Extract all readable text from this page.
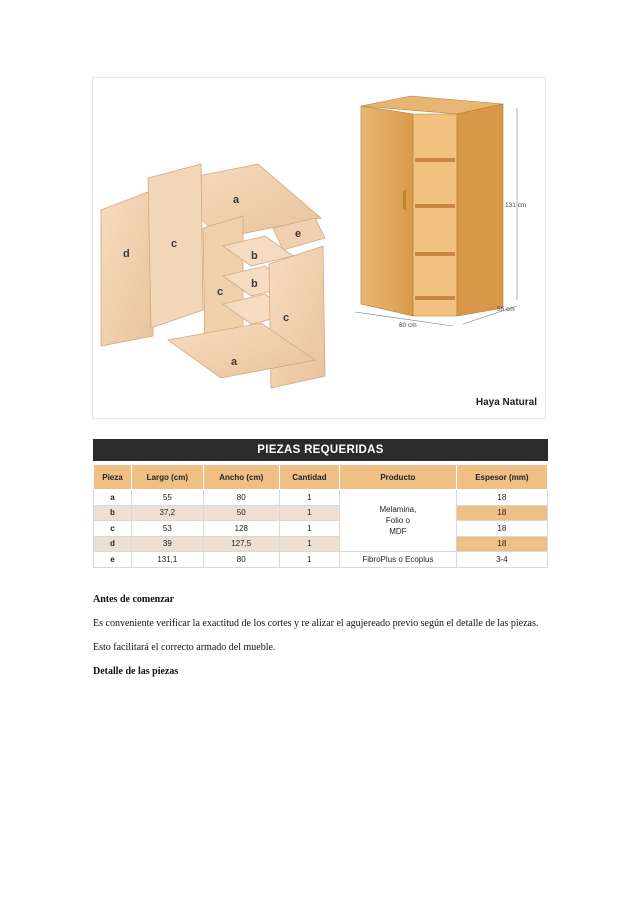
a
e
d
c
b
b
c
c
a
131 cm
80 cm
55 cm
Haya Natural
PIEZAS REQUERIDAS
Pieza	Largo (cm)	Ancho (cm)	Cantidad	Producto	Espesor (mm)
a	55	80	1	Melamina,
Folio o
MDF	18
b	37,2	50	1		18
c	53	128	1		18
d	39	127,5	1		18
e	131,1	80	1	FibroPlus o Ecoplus	3-4
Antes de comenzar
Es conveniente verificar la exactitud de los cortes y re alizar el agujereado previo según el detalle de las piezas.
Esto facilitará el correcto armado del mueble.
Detalle de las piezas
